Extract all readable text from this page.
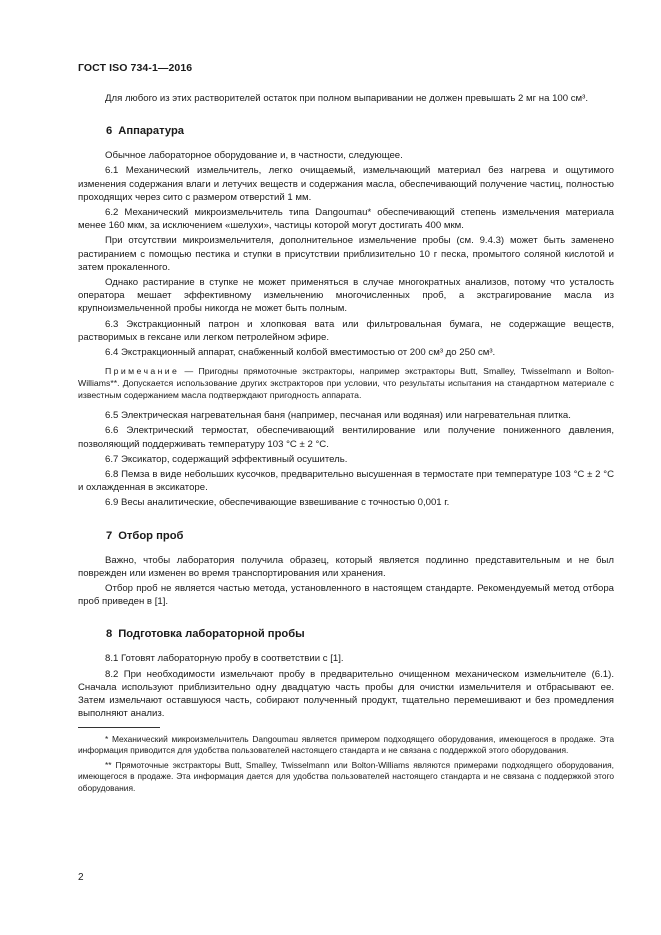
ГОСТ ISO 734-1—2016

Для любого из этих растворителей остаток при полном выпаривании не должен превышать 2 мг на 100 см³.

6 Аппаратура

Обычное лабораторное оборудование и, в частности, следующее.

6.1 Механический измельчитель, легко очищаемый, измельчающий материал без нагрева и ощутимого изменения содержания влаги и летучих веществ и содержания масла, обеспечивающий получение частиц, полностью проходящих через сито с размером отверстий 1 мм.

6.2 Механический микроизмельчитель типа Dangoumau* обеспечивающий степень измельчения материала менее 160 мкм, за исключением «шелухи», частицы которой могут достигать 400 мкм.

При отсутствии микроизмельчителя, дополнительное измельчение пробы (см. 9.4.3) может быть заменено растиранием с помощью пестика и ступки в присутствии приблизительно 10 г песка, промытого соляной кислотой и затем прокаленного.

Однако растирание в ступке не может применяться в случае многократных анализов, потому что усталость оператора мешает эффективному измельчению многочисленных проб, а экстрагирование масла из крупноизмельченной пробы никогда не может быть полным.

6.3 Экстракционный патрон и хлопковая вата или фильтровальная бумага, не содержащие веществ, растворимых в гексане или легком петролейном эфире.

6.4 Экстракционный аппарат, снабженный колбой вместимостью от 200 см³ до 250 см³.

Примечание — Пригодны прямоточные экстракторы, например экстракторы Butt, Smalley, Twisselmann и Bolton-Williams**. Допускается использование других экстракторов при условии, что результаты испытания на стандартном материале с известным содержанием масла подтверждают пригодность аппарата.

6.5 Электрическая нагревательная баня (например, песчаная или водяная) или нагревательная плитка.

6.6 Электрический термостат, обеспечивающий вентилирование или получение пониженного давления, позволяющий поддерживать температуру 103 °С ± 2 °С.

6.7 Эксикатор, содержащий эффективный осушитель.

6.8 Пемза в виде небольших кусочков, предварительно высушенная в термостате при температуре 103 °С ± 2 °С и охлажденная в эксикаторе.

6.9 Весы аналитические, обеспечивающие взвешивание с точностью 0,001 г.

7 Отбор проб

Важно, чтобы лаборатория получила образец, который является подлинно представительным и не был поврежден или изменен во время транспортирования или хранения.

Отбор проб не является частью метода, установленного в настоящем стандарте. Рекомендуемый метод отбора проб приведен в [1].

8 Подготовка лабораторной пробы

8.1 Готовят лабораторную пробу в соответствии с [1].

8.2 При необходимости измельчают пробу в предварительно очищенном механическом измельчителе (6.1). Сначала используют приблизительно одну двадцатую часть пробы для очистки измельчителя и отбрасывают ее. Затем измельчают оставшуюся часть, собирают полученный продукт, тщательно перемешивают и без промедления выполняют анализ.

* Механический микроизмельчитель Dangoumau является примером подходящего оборудования, имеющегося в продаже. Эта информация приводится для удобства пользователей настоящего стандарта и не связана с поддержкой этого оборудования.

** Прямоточные экстракторы Butt, Smalley, Twisselmann или Bolton-Williams являются примерами подходящего оборудования, имеющегося в продаже. Эта информация дается для удобства пользователей настоящего стандарта и не связана с поддержкой этого оборудования.

2
